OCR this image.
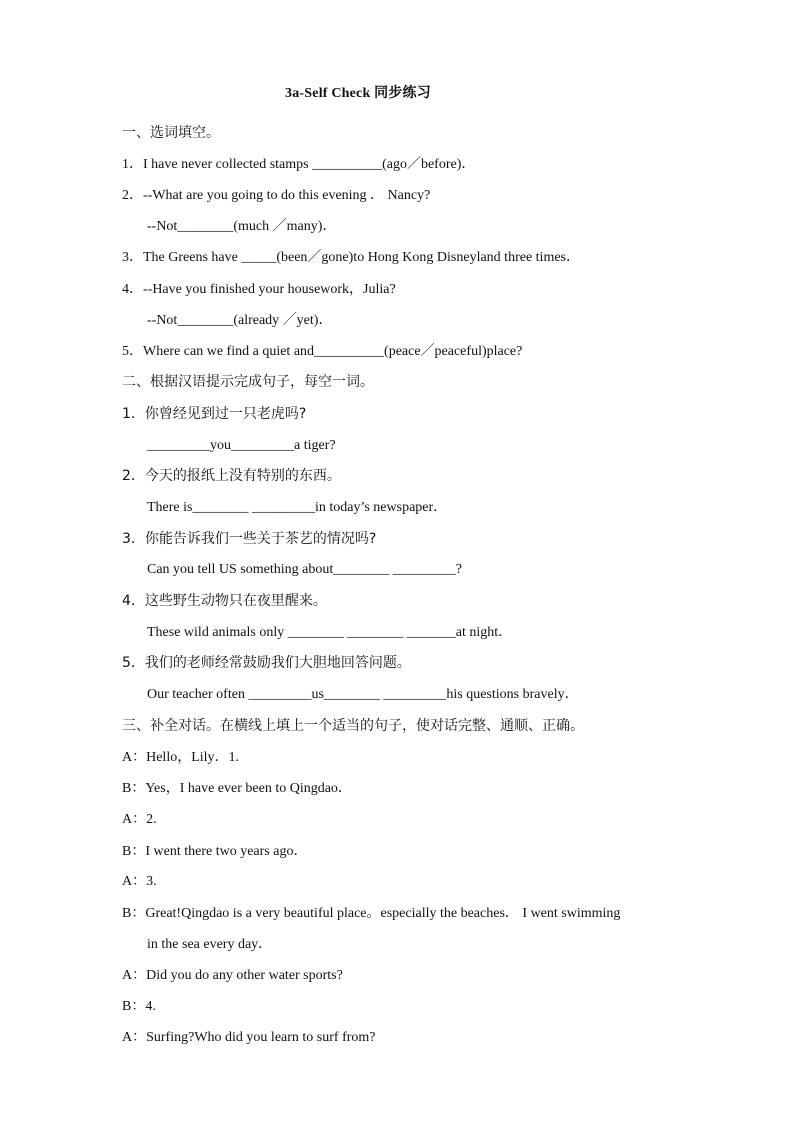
3a-Self Check 同步练习
一、选词填空。
1．I have never collected stamps __________(ago／before)．
2．--What are you going to do this evening ． Nancy?
--Not________(much ／many)．
3．The Greens have _____(been／gone)to Hong Kong Disneyland three times．
4．--Have you finished your housework，Julia?
--Not________(already ／yet)．
5．Where can we find a quiet and__________(peace／peaceful)place?
二、根据汉语提示完成句子，每空一词。
1．你曾经见到过一只老虎吗?
_________you_________a tiger?
2．今天的报纸上没有特别的东西。
There is________ _________in today’s newspaper．
3．你能告诉我们一些关于茶艺的情况吗?
Can you tell US something about________ _________?
4．这些野生动物只在夜里醒来。
These wild animals only ________ ________ _______at night．
5．我们的老师经常鼓励我们大胆地回答问题。
Our teacher often _________us________ _________his questions bravely．
三、补全对话。在横线上填上一个适当的句子，使对话完整、通顺、正确。
A：Hello，Lily．1.
B：Yes，I have ever been to Qingdao．
A：2.
B：I went there two years ago．
A：3.
B：Great!Qingdao is a very beautiful place。especially the beaches． I went swimming
in the sea every day．
A：Did you do any other water sports?
B：4.
A：Surfing?Who did you learn to surf from?
